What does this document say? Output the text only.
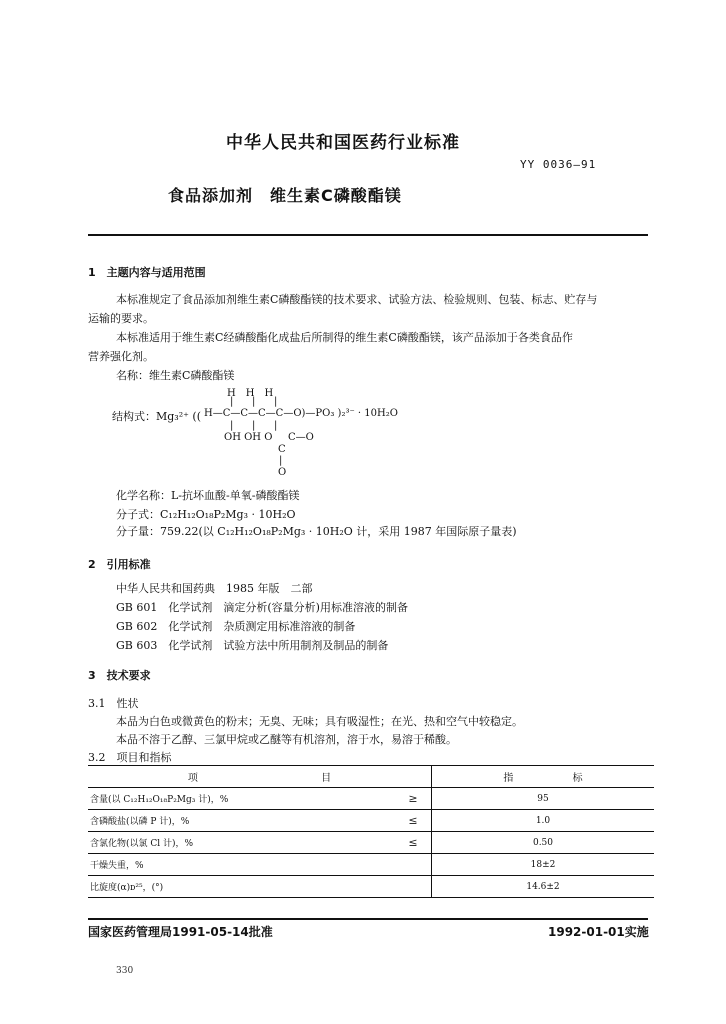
中华人民共和国医药行业标准
YY 0036—91
食品添加剂　维生素C磷酸酯镁
1　主题内容与适用范围
本标准规定了食品添加剂维生素C磷酸酯镁的技术要求、试验方法、检验规则、包装、标志、贮存与
运输的要求。
本标准适用于维生素C经磷酸酯化成盐后所制得的维生素C磷酸酯镁，该产品添加于各类食品作
营养强化剂。
名称：维生素C磷酸酯镁
H　H　H
| | |
结构式：Mg₃²⁺ (( H—C—C—C—C—O)—PO₃ )₂³⁻ · 10H₂O
| | |
OH OH O C—O
C
|
O
化学名称：L-抗坏血酸-单氧-磷酸酯镁
分子式：C₁₂H₁₂O₁₈P₂Mg₃ · 10H₂O
分子量：759.22(以 C₁₂H₁₂O₁₈P₂Mg₃ · 10H₂O 计，采用 1987 年国际原子量表)
2　引用标准
中华人民共和国药典　1985 年版　二部
GB 601　化学试剂　滴定分析(容量分析)用标准溶液的制备
GB 602　化学试剂　杂质测定用标准溶液的制备
GB 603　化学试剂　试验方法中所用制剂及制品的制备
3　技术要求
3.1　性状
本品为白色或微黄色的粉末；无臭、无味；具有吸湿性；在光、热和空气中较稳定。
本品不溶于乙醇、三氯甲烷或乙醚等有机溶剂，溶于水，易溶于稀酸。
3.2　项目和指标
项 目		指 标
含量(以 C₁₂H₁₂O₁₈P₂Mg₃ 计)，%	≥	95
含磷酸盐(以磷 P 计)，%	≤	1.0
含氯化物(以氯 Cl 计)，%	≤	0.50
干燥失重，%		18±2
比旋度(α)ᴅ²⁵，(°)		14.6±2
国家医药管理局1991-05-14批准	1992-01-01实施
330
